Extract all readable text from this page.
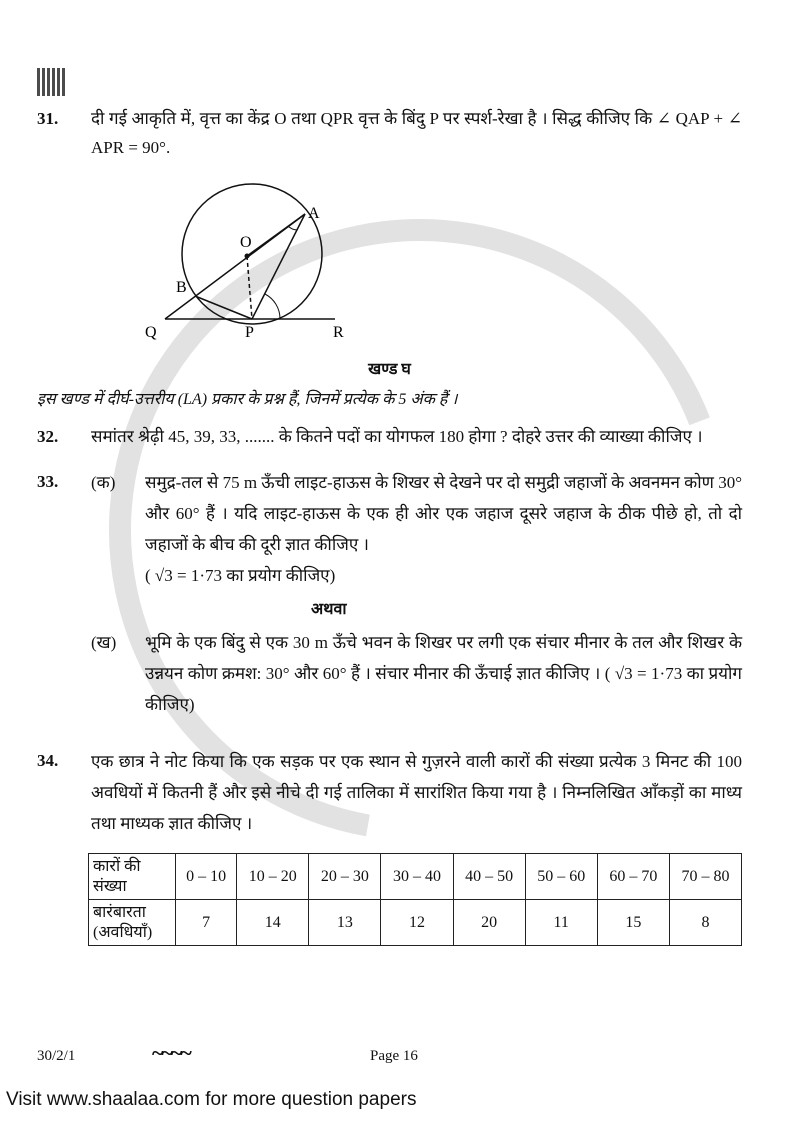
31.	दी गई आकृति में, वृत्त का केंद्र O तथा QPR वृत्त के बिंदु P पर स्पर्श-रेखा है । सिद्ध कीजिए कि ∠ QAP + ∠ APR = 90°.
O
A
B
Q	P	R
खण्ड घ
इस खण्ड में दीर्घ-उत्तरीय (LA) प्रकार के प्रश्न हैं, जिनमें प्रत्येक के 5 अंक हैं ।
32.	समांतर श्रेढ़ी 45, 39, 33, ....... के कितने पदों का योगफल 180 होगा ? दोहरे उत्तर की व्याख्या कीजिए ।
33.	(क)	समुद्र-तल से 75 m ऊँची लाइट-हाऊस के शिखर से देखने पर दो समुद्री जहाजों के अवनमन कोण 30° और 60° हैं । यदि लाइट-हाऊस के एक ही ओर एक जहाज दूसरे जहाज के ठीक पीछे हो, तो दो जहाजों के बीच की दूरी ज्ञात कीजिए ।
( √3 = 1·73 का प्रयोग कीजिए)
अथवा
(ख)	भूमि के एक बिंदु से एक 30 m ऊँचे भवन के शिखर पर लगी एक संचार मीनार के तल और शिखर के उन्नयन कोण क्रमश: 30° और 60° हैं । संचार मीनार की ऊँचाई ज्ञात कीजिए । ( √3 = 1·73 का प्रयोग कीजिए)
34.	एक छात्र ने नोट किया कि एक सड़क पर एक स्थान से गुज़रने वाली कारों की संख्या प्रत्येक 3 मिनट की 100 अवधियों में कितनी हैं और इसे नीचे दी गई तालिका में सारांशित किया गया है । निम्नलिखित आँकड़ों का माध्य तथा माध्यक ज्ञात कीजिए ।
कारों की संख्या	0 – 10	10 – 20	20 – 30	30 – 40	40 – 50	50 – 60	60 – 70	70 – 80
बारंबारता (अवधियाँ)	7	14	13	12	20	11	15	8
30/2/1	~~~~	Page 16
Visit www.shaalaa.com for more question papers
